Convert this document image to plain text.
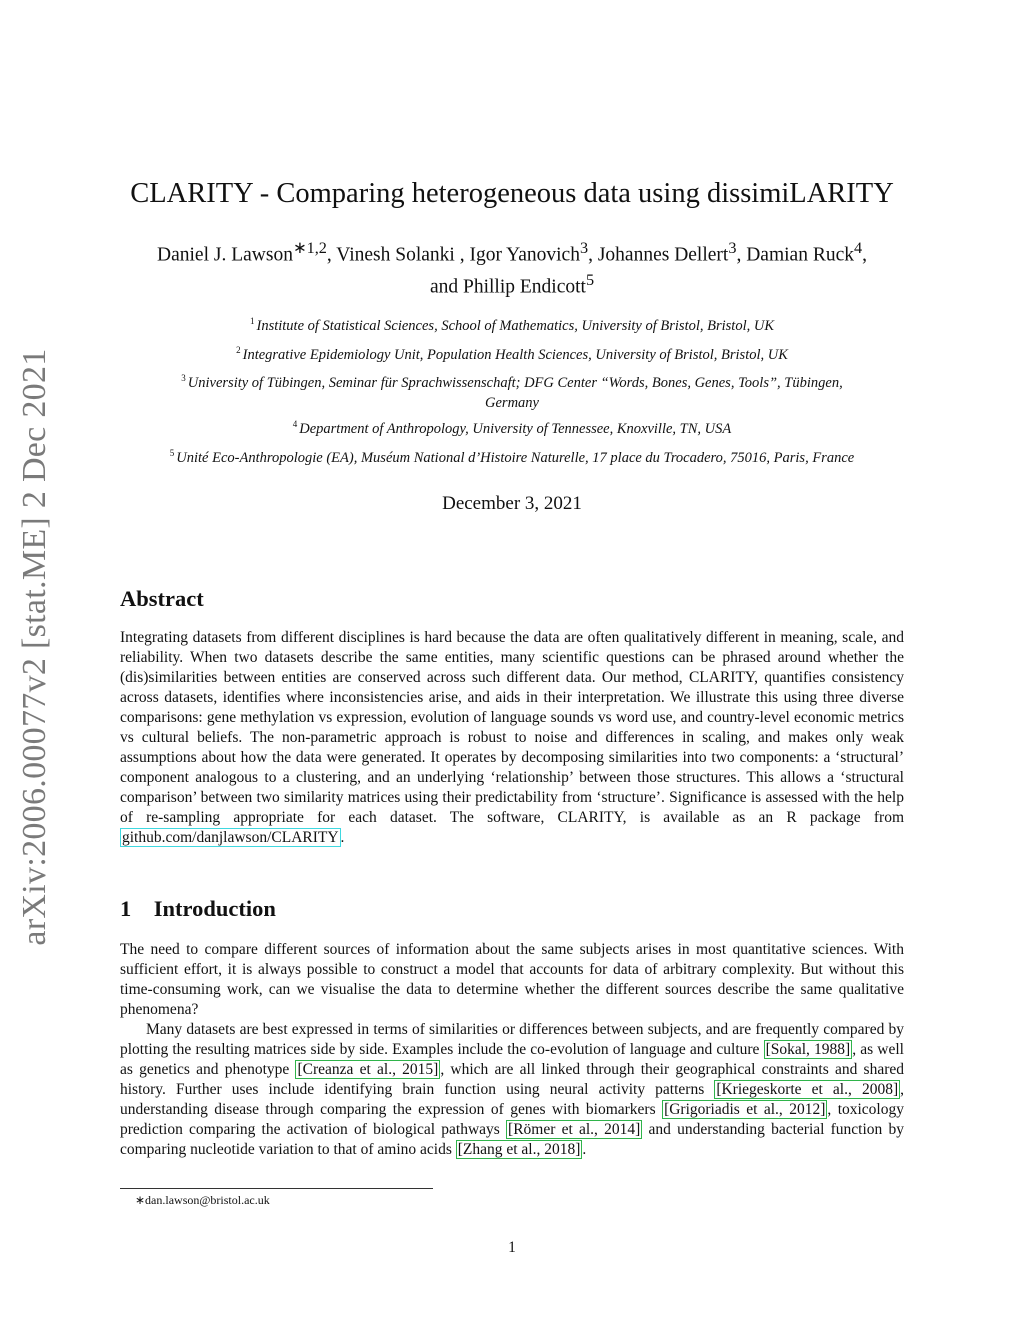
arXiv:2006.00077v2 [stat.ME] 2 Dec 2021
CLARITY - Comparing heterogeneous data using dissimiLARITY
Daniel J. Lawson$^{∗1,2}$, Vinesh Solanki , Igor Yanovich$^3$, Johannes Dellert$^3$, Damian Ruck$^4$,
and Phillip Endicott$^5$
$^1$ Institute of Statistical Sciences, School of Mathematics, University of Bristol, Bristol, UK
$^2$ Integrative Epidemiology Unit, Population Health Sciences, University of Bristol, Bristol, UK
$^3$ University of Tübingen, Seminar für Sprachwissenschaft; DFG Center “Words, Bones, Genes, Tools”, Tübingen,
Germany
$^4$ Department of Anthropology, University of Tennessee, Knoxville, TN, USA
$^5$ Unité Eco-Anthropologie (EA), Muséum National d’Histoire Naturelle, 17 place du Trocadero, 75016, Paris, France
December 3, 2021
Abstract
Integrating datasets from different disciplines is hard because the data are often qualitatively different in meaning, scale, and reliability. When two datasets describe the same entities, many scientific questions can be phrased around whether the (dis)similarities between entities are conserved across such different data. Our method, CLARITY, quantifies consistency across datasets, identifies where inconsistencies arise, and aids in their interpretation. We illustrate this using three diverse comparisons: gene methylation vs expression, evolution of language sounds vs word use, and country-level economic metrics vs cultural beliefs. The non-parametric approach is robust to noise and differences in scaling, and makes only weak assumptions about how the data were generated. It operates by decomposing similarities into two components: a ‘structural’ component analogous to a clustering, and an underlying ‘relationship’ between those structures. This allows a ‘structural comparison’ between two similarity matrices using their predictability from ‘structure’. Significance is assessed with the help of re-sampling appropriate for each dataset. The software, CLARITY, is available as an R package from github.com/danjlawson/CLARITY .
1    Introduction
The need to compare different sources of information about the same subjects arises in most quantitative sciences. With sufficient effort, it is always possible to construct a model that accounts for data of arbitrary complexity. But without this time-consuming work, can we visualise the data to determine whether the different sources describe the same qualitative phenomena?
Many datasets are best expressed in terms of similarities or differences between subjects, and are frequently compared by plotting the resulting matrices side by side. Examples include the co-evolution of language and culture [Sokal, 1988] , as well as genetics and phenotype [Creanza et al., 2015] , which are all linked through their geographical constraints and shared history. Further uses include identifying brain function using neural activity patterns [Kriegeskorte et al., 2008] , understanding disease through comparing the expression of genes with biomarkers [Grigoriadis et al., 2012] , toxicology prediction comparing the activation of biological pathways [Römer et al., 2014] and understanding bacterial function by comparing nucleotide variation to that of amino acids [Zhang et al., 2018] .
∗dan.lawson@bristol.ac.uk
1
